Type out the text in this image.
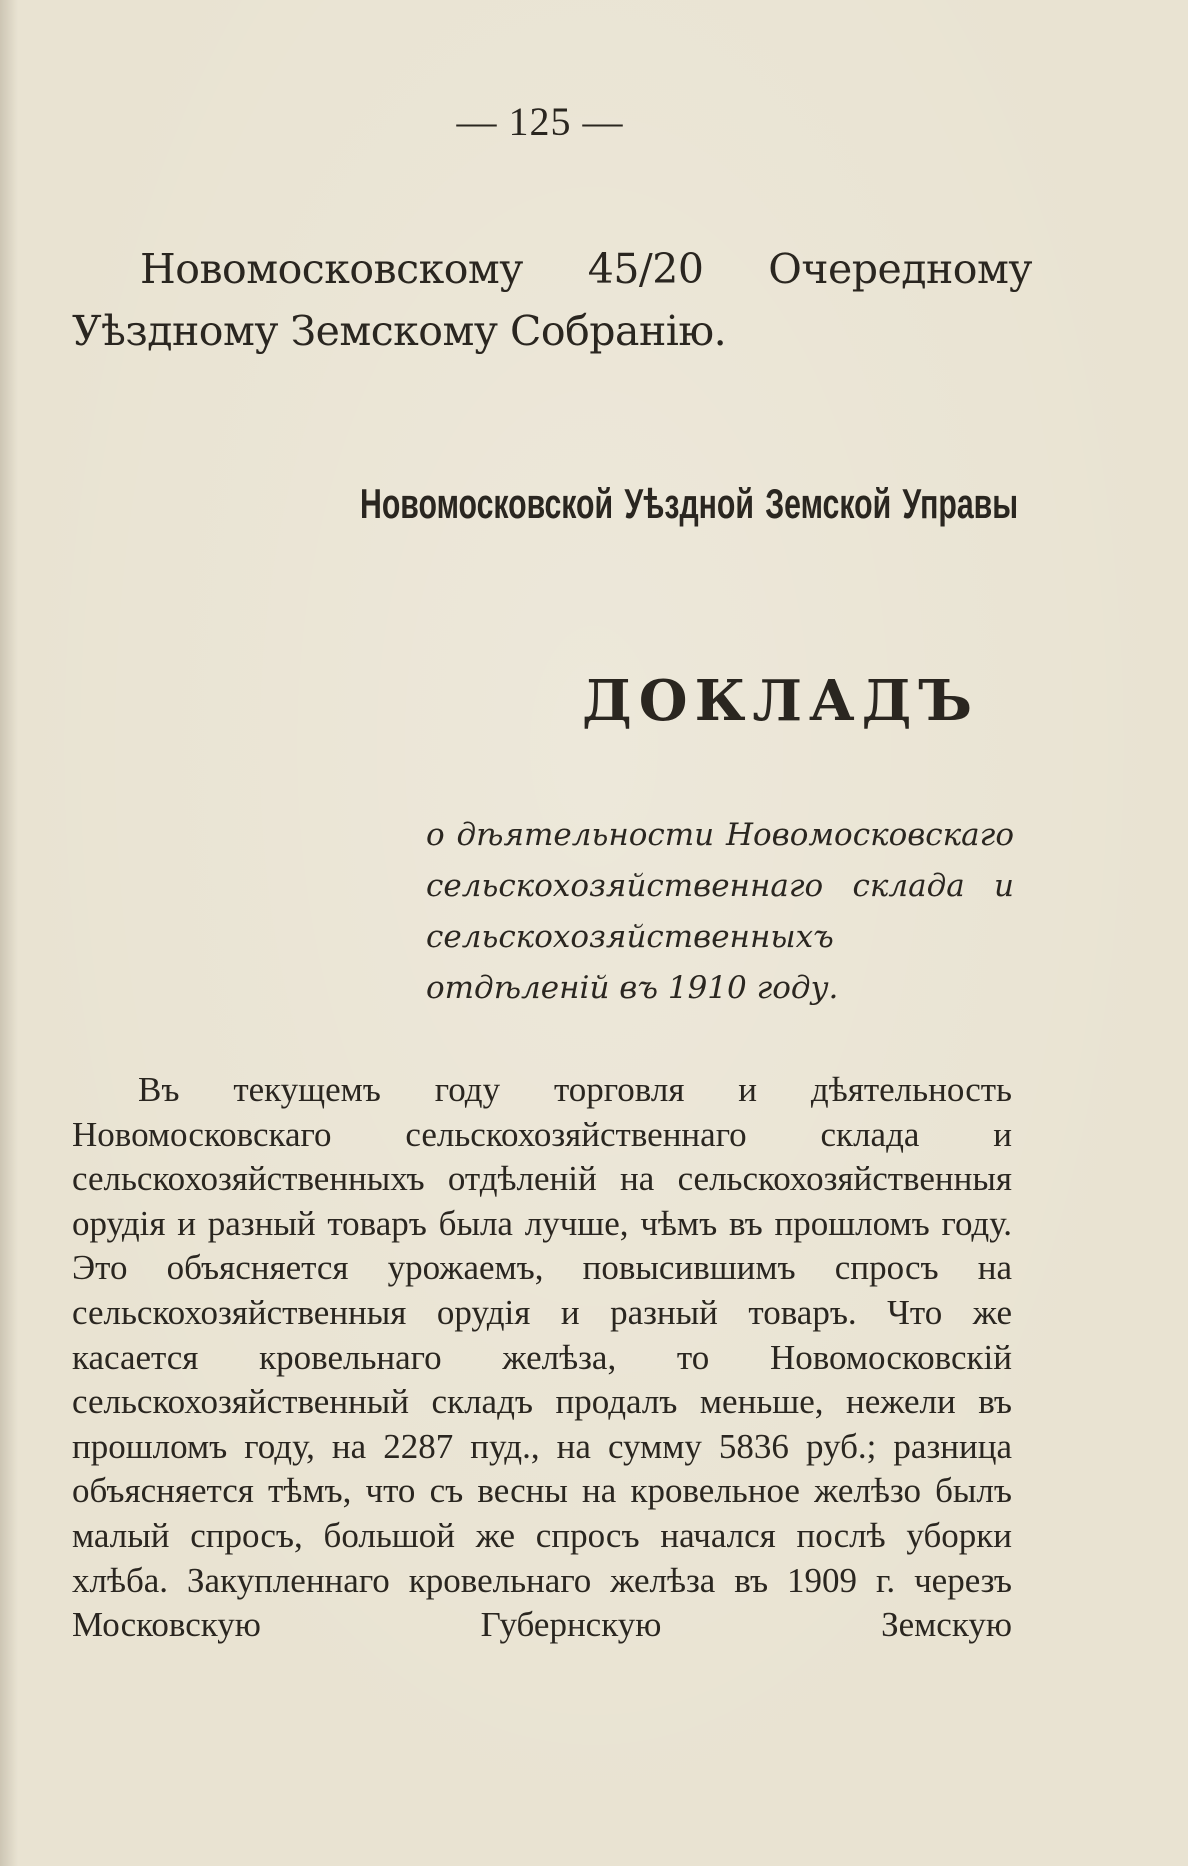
— 125 —
Новомосковскому 45/20 Очередному Уѣздному Земскому Собранію.
Новомосковской Уѣздной Земской Управы
ДОКЛАДЪ
о дѣятельности Новомосковскаго сельскохозяйственнаго склада и сельскохозяйственныхъ отдѣленій въ 1910 году.
Въ текущемъ году торговля и дѣятельность Новомосковскаго сельскохозяйственнаго склада и сельскохозяйственныхъ отдѣленій на сельскохозяйственныя орудія и разный товаръ была лучше, чѣмъ въ прошломъ году. Это объясняется урожаемъ, повысившимъ спросъ на сельскохозяйственныя орудія и разный товаръ. Что же касается кровельнаго желѣза, то Новомосковскій сельскохозяйственный складъ продалъ меньше, нежели въ прошломъ году, на 2287 пуд., на сумму 5836 руб.; разница объясняется тѣмъ, что съ весны на кровельное желѣзо былъ малый спросъ, большой же спросъ начался послѣ уборки хлѣба. Закупленнаго кровельнаго желѣза въ 1909 г. черезъ Московскую Губернскую Земскую
